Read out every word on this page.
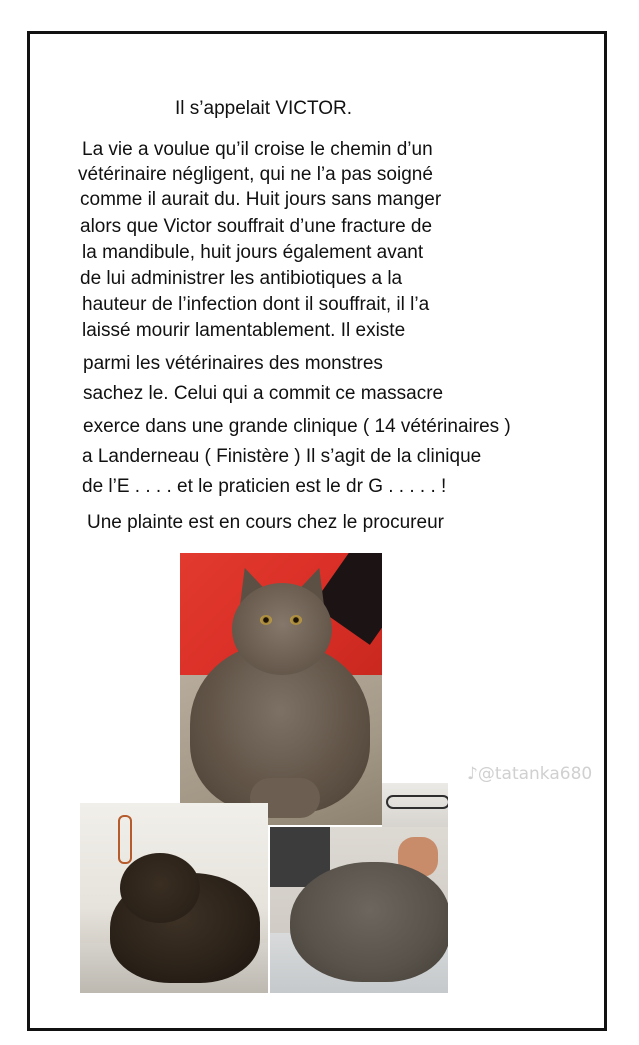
Il s’appelait VICTOR.
La vie a voulue qu’il croise le chemin d’un
vétérinaire négligent, qui ne l’a pas soigné
comme il aurait du. Huit jours sans manger
alors que Victor souffrait d’une fracture de
la mandibule, huit jours également avant
de lui administrer les antibiotiques a la
hauteur de l’infection dont il souffrait, il l’a
laissé mourir lamentablement. Il existe
parmi les vétérinaires des monstres
sachez le. Celui qui a commit ce massacre
exerce dans une grande clinique ( 14 vétérinaires )
a Landerneau ( Finistère ) Il s’agit de la clinique
de l’E . . . . et le praticien est le dr G . . . . . !
Une plainte est en cours chez le procureur
♪@tatanka680
